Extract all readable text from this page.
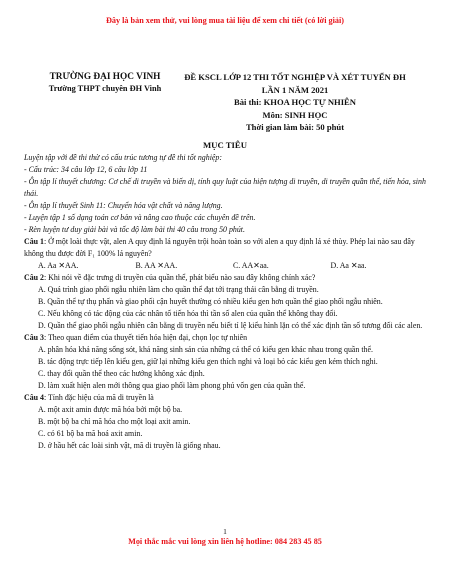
Đây là bản xem thử, vui lòng mua tài liệu để xem chi tiết (có lời giải)
TRƯỜNG ĐẠI HỌC VINH
Trường THPT chuyên ĐH Vinh
ĐỀ KSCL LỚP 12 THI TỐT NGHIỆP VÀ XÉT TUYỂN ĐH
LẦN 1 NĂM 2021
Bài thi: KHOA HỌC TỰ NHIÊN
Môn: SINH HỌC
Thời gian làm bài: 50 phút
MỤC TIÊU

Luyện tập với đề thi thử có cấu trúc tương tự đề thi tốt nghiệp:

- Cấu trúc: 34 câu lớp 12, 6 câu lớp 11

- Ôn tập lí thuyết chương: Cơ chế di truyền và biến dị, tính quy luật của hiện tượng di truyền, di truyền quần thể, tiến hóa, sinh thái.

- Ôn tập lí thuyết Sinh 11: Chuyển hóa vật chất và năng lượng.

- Luyện tập 1 số dạng toán cơ bản và nâng cao thuộc các chuyên đề trên.

- Rèn luyện tư duy giải bài và tốc độ làm bài thi 40 câu trong 50 phút.

Câu 1: Ở một loài thực vật, alen A quy định lá nguyên trội hoàn toàn so với alen a quy định lá xẻ thùy. Phép lai nào sau đây không thu được đời F₁ 100% lá nguyên?

A. Aa ✕AA.	B. AA ✕AA.	C. AA✕aa.	D. Aa ✕aa.

Câu 2: Khi nói về đặc trưng di truyền của quần thể, phát biểu nào sau đây không chính xác?

A. Quá trình giao phối ngẫu nhiên làm cho quần thể đạt tới trạng thái cân bằng di truyền.

B. Quần thể tự thụ phấn và giao phối cận huyết thường có nhiều kiểu gen hơn quần thể giao phối ngẫu nhiên.

C. Nếu không có tác động của các nhân tố tiến hóa thì tần số alen của quần thể không thay đổi.

D. Quần thể giao phối ngẫu nhiên cân bằng di truyền nếu biết tỉ lệ kiểu hình lặn có thể xác định tần số tương đối các alen.

Câu 3: Theo quan điểm của thuyết tiến hóa hiện đại, chọn lọc tự nhiên

A. phân hóa khả năng sống sót, khả năng sinh sản của những cá thể có kiểu gen khác nhau trong quần thể.

B. tác động trực tiếp lên kiểu gen, giữ lại những kiểu gen thích nghi và loại bỏ các kiểu gen kém thích nghi.

C. thay đổi quần thể theo các hướng không xác định.

D. làm xuất hiện alen mới thông qua giao phối làm phong phú vốn gen của quần thể.

Câu 4: Tính đặc hiệu của mã di truyền là

A. một axit amin được mã hóa bởi một bộ ba.

B. một bộ ba chỉ mã hóa cho một loại axit amin.

C. có 61 bộ ba mã hoá axit amin.

D. ở hầu hết các loài sinh vật, mã di truyền là giống nhau.

1
Mọi thắc mắc vui lòng xin liên hệ hotline: 084 283 45 85
